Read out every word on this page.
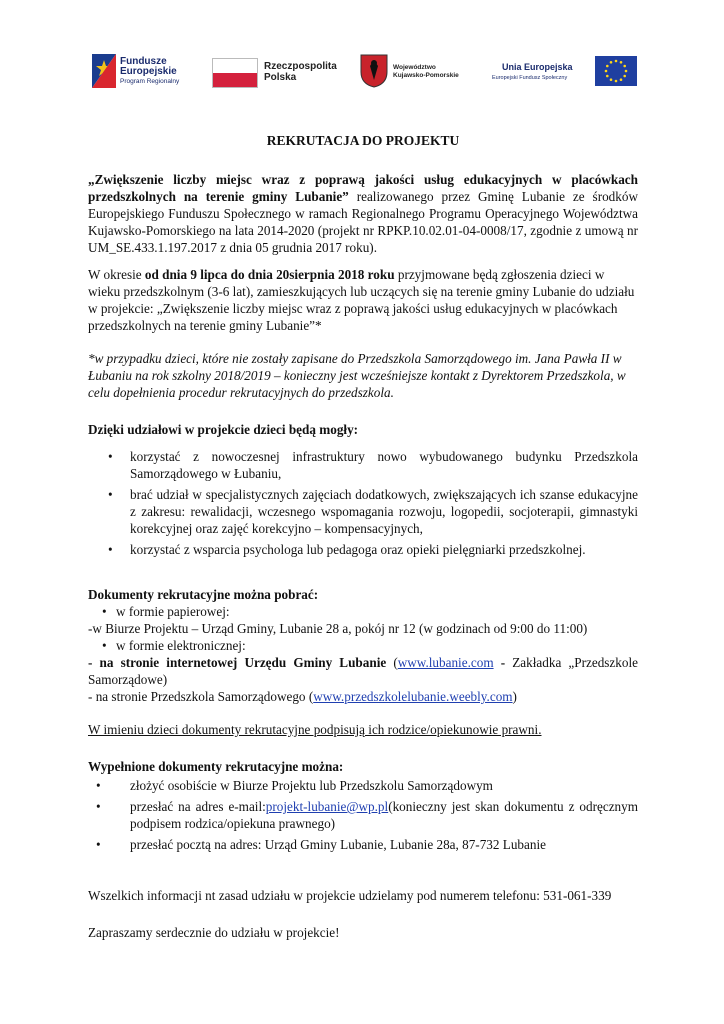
Fundusze
Europejskie
Program Regionalny
Rzeczpospolita
Polska
Województwo
Kujawsko-Pomorskie
Unia Europejska
Europejski Fundusz Społeczny
REKRUTACJA DO PROJEKTU

„Zwiększenie liczby miejsc wraz z poprawą jakości usług edukacyjnych w placówkach przedszkolnych na terenie gminy Lubanie” realizowanego przez Gminę Lubanie ze środków Europejskiego Funduszu Społecznego w ramach Regionalnego Programu Operacyjnego Województwa Kujawsko-Pomorskiego na lata 2014-2020 (projekt nr RPKP.10.02.01-04-0008/17, zgodnie z umową nr UM_SE.433.1.197.2017 z dnia 05 grudnia 2017 roku).

W okresie od dnia 9 lipca do dnia 20sierpnia 2018 roku przyjmowane będą zgłoszenia dzieci w wieku przedszkolnym (3-6 lat), zamieszkujących lub uczących się na terenie gminy Lubanie do udziału w projekcie: „Zwiększenie liczby miejsc wraz z poprawą jakości usług edukacyjnych w placówkach przedszkolnych na terenie gminy Lubanie”*

*w przypadku dzieci, które nie zostały zapisane do Przedszkola Samorządowego im. Jana Pawła II w Łubaniu na rok szkolny 2018/2019 – konieczny jest wcześniejsze kontakt z Dyrektorem Przedszkola, w celu dopełnienia procedur rekrutacyjnych do przedszkola.

Dzięki udziałowi w projekcie dzieci będą mogły:

• korzystać z nowoczesnej infrastruktury nowo wybudowanego budynku Przedszkola Samorządowego w Łubaniu,
• brać udział w specjalistycznych zajęciach dodatkowych, zwiększających ich szanse edukacyjne z zakresu: rewalidacji, wczesnego wspomagania rozwoju, logopedii, socjoterapii, gimnastyki korekcyjnej oraz zajęć korekcyjno – kompensacyjnych,
• korzystać z wsparcia psychologa lub pedagoga oraz opieki pielęgniarki przedszkolnej.

Dokumenty rekrutacyjne można pobrać:

• w formie papierowej:

-w Biurze Projektu – Urząd Gminy, Lubanie 28 a, pokój nr 12 (w godzinach od 9:00 do 11:00)

• w formie elektronicznej:

- na stronie internetowej Urzędu Gminy Lubanie (www.lubanie.com - Zakładka „Przedszkole Samorządowe)

- na stronie Przedszkola Samorządowego (www.przedszkolelubanie.weebly.com)

W imieniu dzieci dokumenty rekrutacyjne podpisują ich rodzice/opiekunowie prawni.

Wypełnione dokumenty rekrutacyjne można:

• złożyć osobiście w Biurze Projektu lub Przedszkolu Samorządowym
• przesłać na adres e-mail:projekt-lubanie@wp.pl(konieczny jest skan dokumentu z odręcznym podpisem rodzica/opiekuna prawnego)
• przesłać pocztą na adres: Urząd Gminy Lubanie, Lubanie 28a, 87-732 Lubanie

Wszelkich informacji nt zasad udziału w projekcie udzielamy pod numerem telefonu: 531-061-339

Zapraszamy serdecznie do udziału w projekcie!
